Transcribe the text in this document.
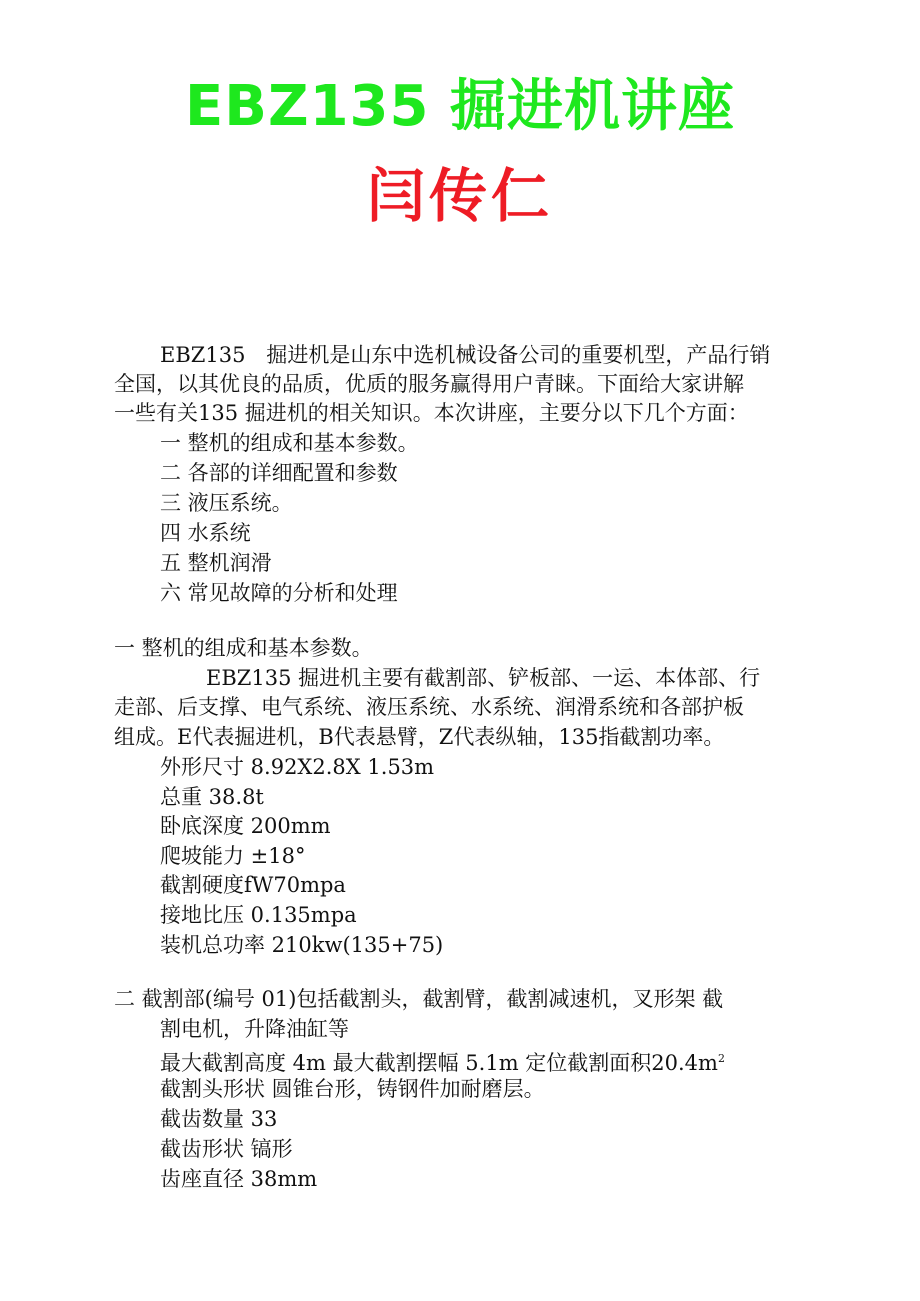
EBZ135 掘进机讲座
闫传仁
EBZ135　掘进机是山东中选机械设备公司的重要机型，产品行销
全国，以其优良的品质，优质的服务赢得用户青睐。下面给大家讲解
一些有关135 掘进机的相关知识。本次讲座，主要分以下几个方面：
一 整机的组成和基本参数。
二 各部的详细配置和参数
三 液压系统。
四 水系统
五 整机润滑
六 常见故障的分析和处理
一 整机的组成和基本参数。
EBZ135 掘进机主要有截割部、铲板部、一运、本体部、行
走部、后支撑、电气系统、液压系统、水系统、润滑系统和各部护板
组成。E代表掘进机，B代表悬臂，Z代表纵轴，135指截割功率。
外形尺寸 8.92X2.8X 1.53m
总重 38.8t
卧底深度 200mm
爬坡能力 ±18°
截割硬度fW70mpa
接地比压 0.135mpa
装机总功率 210kw(135+75)
二 截割部(编号 01)包括截割头，截割臂，截割减速机，叉形架 截
割电机，升降油缸等
最大截割高度 4m 最大截割摆幅 5.1m 定位截割面积$20.4m^2$
截割头形状 圆锥台形，铸钢件加耐磨层。
截齿数量 33
截齿形状 镐形
齿座直径 38mm
